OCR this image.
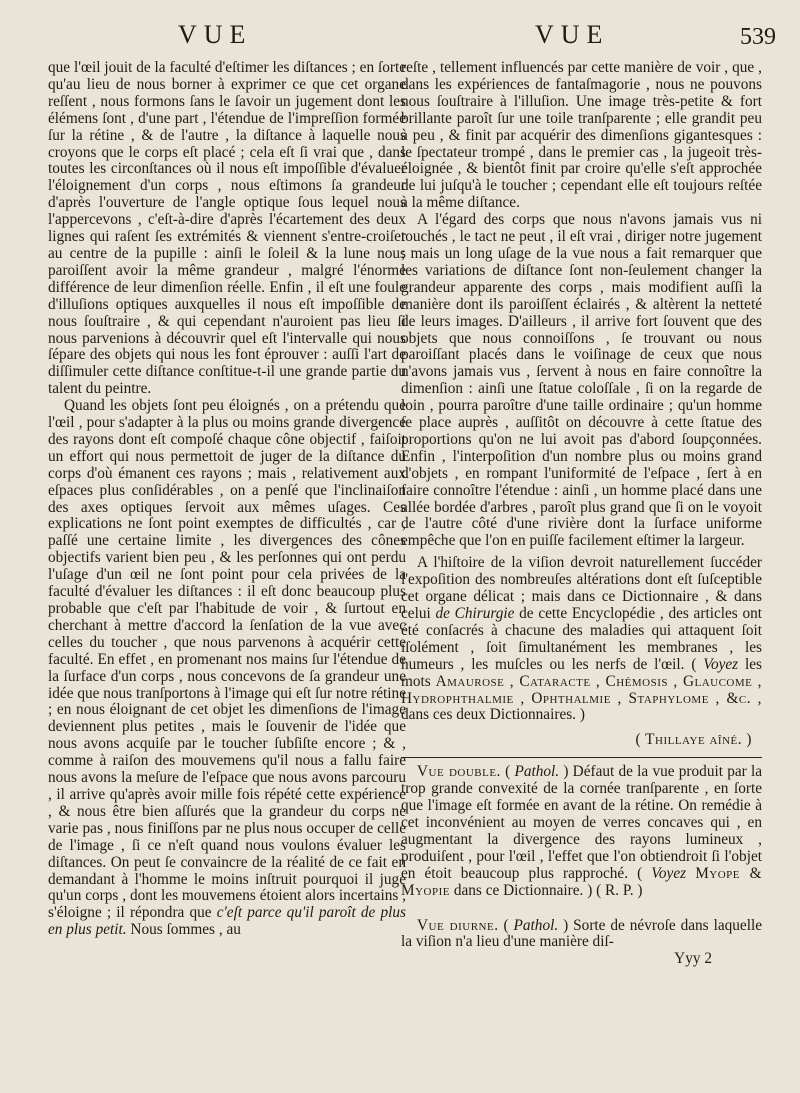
VUE	VUE	539

que l'œil jouit de la faculté d'eſtimer les diſtances ; en ſorte qu'au lieu de nous borner à exprimer ce que cet organe reſſent , nous formons ſans le ſavoir un jugement dont les élémens ſont , d'une part , l'étendue de l'impreſſion formée ſur la rétine , & de l'autre , la diſtance à laquelle nous croyons que le corps eſt placé ; cela eſt ſi vrai que , dans toutes les circonſtances où il nous eſt impoſſible d'évaluer l'éloignement d'un corps , nous eſtimons ſa grandeur d'après l'ouverture de l'angle optique ſous lequel nous l'appercevons , c'eſt-à-dire d'après l'écartement des deux lignes qui raſent ſes extrémités & viennent s'entre-croiſer au centre de la pupille : ainſi le ſoleil & la lune nous paroiſſent avoir la même grandeur , malgré l'énorme différence de leur dimenſion réelle. Enfin , il eſt une foule d'illuſions optiques auxquelles il nous eſt impoſſible de nous ſouſtraire , & qui cependant n'auroient pas lieu ſi nous parvenions à découvrir quel eſt l'intervalle qui nous ſépare des objets qui nous les font éprouver : auſſi l'art de diſſimuler cette diſtance conſtitue-t-il une grande partie du talent du peintre.

Quand les objets ſont peu éloignés , on a prétendu que l'œil , pour s'adapter à la plus ou moins grande divergence des rayons dont eſt compoſé chaque cône objectif , faiſoit un effort qui nous permettoit de juger de la diſtance du corps d'où émanent ces rayons ; mais , relativement aux eſpaces plus conſidérables , on a penſé que l'inclinaiſon des axes optiques ſervoit aux mêmes uſages. Ces explications ne ſont point exemptes de difficultés , car , paſſé une certaine limite , les divergences des cônes objectifs varient bien peu , & les perſonnes qui ont perdu l'uſage d'un œil ne ſont point pour cela privées de la faculté d'évaluer les diſtances : il eſt donc beaucoup plus probable que c'eſt par l'habitude de voir , & ſurtout en cherchant à mettre d'accord la ſenſation de la vue avec celles du toucher , que nous parvenons à acquérir cette faculté. En effet , en promenant nos mains ſur l'étendue de la ſurface d'un corps , nous concevons de ſa grandeur une idée que nous tranſportons à l'image qui eſt ſur notre rétine ; en nous éloignant de cet objet les dimenſions de l'image deviennent plus petites , mais le ſouvenir de l'idée que nous avons acquiſe par le toucher ſubſiſte encore ; & , comme à raiſon des mouvemens qu'il nous a fallu faire nous avons la meſure de l'eſpace que nous avons parcouru , il arrive qu'après avoir mille fois répété cette expérience , & nous être bien aſſurés que la grandeur du corps ne varie pas , nous finiſſons par ne plus nous occuper de celle de l'image , ſi ce n'eſt quand nous voulons évaluer les diſtances. On peut ſe convaincre de la réalité de ce fait en demandant à l'homme le moins inſtruit pourquoi il juge qu'un corps , dont les mouvemens étoient alors incertains , s'éloigne ; il répondra que c'eſt parce qu'il paroît de plus en plus petit. Nous ſommes , au

reſte , tellement influencés par cette manière de voir , que , dans les expériences de fantaſmagorie , nous ne pouvons nous ſouſtraire à l'illuſion. Une image très-petite & fort brillante paroît ſur une toile tranſparente ; elle grandit peu à peu , & finit par acquérir des dimenſions gigantesques : le ſpectateur trompé , dans le premier cas , la jugeoit très-éloignée , & bientôt finit par croire qu'elle s'eſt approchée de lui juſqu'à le toucher ; cependant elle eſt toujours reſtée à la même diſtance.

A l'égard des corps que nous n'avons jamais vus ni touchés , le tact ne peut , il eſt vrai , diriger notre jugement ; mais un long uſage de la vue nous a fait remarquer que les variations de diſtance ſont non-ſeulement changer la grandeur apparente des corps , mais modifient auſſi la manière dont ils paroiſſent éclairés , & altèrent la netteté de leurs images. D'ailleurs , il arrive fort ſouvent que des objets que nous connoiſſons , ſe trouvant ou nous paroiſſant placés dans le voiſinage de ceux que nous n'avons jamais vus , ſervent à nous en faire connoître la dimenſion : ainſi une ſtatue coloſſale , ſi on la regarde de loin , pourra paroître d'une taille ordinaire ; qu'un homme ſe place auprès , auſſitôt on découvre à cette ſtatue des proportions qu'on ne lui avoit pas d'abord ſoupçonnées. Enfin , l'interpoſition d'un nombre plus ou moins grand d'objets , en rompant l'uniformité de l'eſpace , ſert à en faire connoître l'étendue : ainſi , un homme placé dans une allée bordée d'arbres , paroît plus grand que ſi on le voyoit de l'autre côté d'une rivière dont la ſurface uniforme empêche que l'on en puiſſe facilement eſtimer la largeur.

A l'hiſtoire de la viſion devroit naturellement ſuccéder l'expoſition des nombreuſes altérations dont eſt ſuſceptible cet organe délicat ; mais dans ce Dictionnaire , & dans celui de Chirurgie de cette Encyclopédie , des articles ont été conſacrés à chacune des maladies qui attaquent ſoit iſolément , ſoit ſimultanément les membranes , les humeurs , les muſcles ou les nerfs de l'œil. ( Voyez les mots Amaurose , Cataracte , Chémosis , Glaucome , Hydrophthalmie , Ophthalmie , Staphylome , &c. , dans ces deux Dictionnaires. )

( Thillaye aîné. )

Vue double. ( Pathol. ) Défaut de la vue produit par la trop grande convexité de la cornée tranſparente , en ſorte que l'image eſt formée en avant de la rétine. On remédie à cet inconvénient au moyen de verres concaves qui , en augmentant la divergence des rayons lumineux , produiſent , pour l'œil , l'effet que l'on obtiendroit ſi l'objet en étoit beaucoup plus rapproché. ( Voyez Myope & Myopie dans ce Dictionnaire. ) ( R. P. )

Vue diurne. ( Pathol. ) Sorte de névroſe dans laquelle la viſion n'a lieu d'une manière diſ-

Yyy 2
